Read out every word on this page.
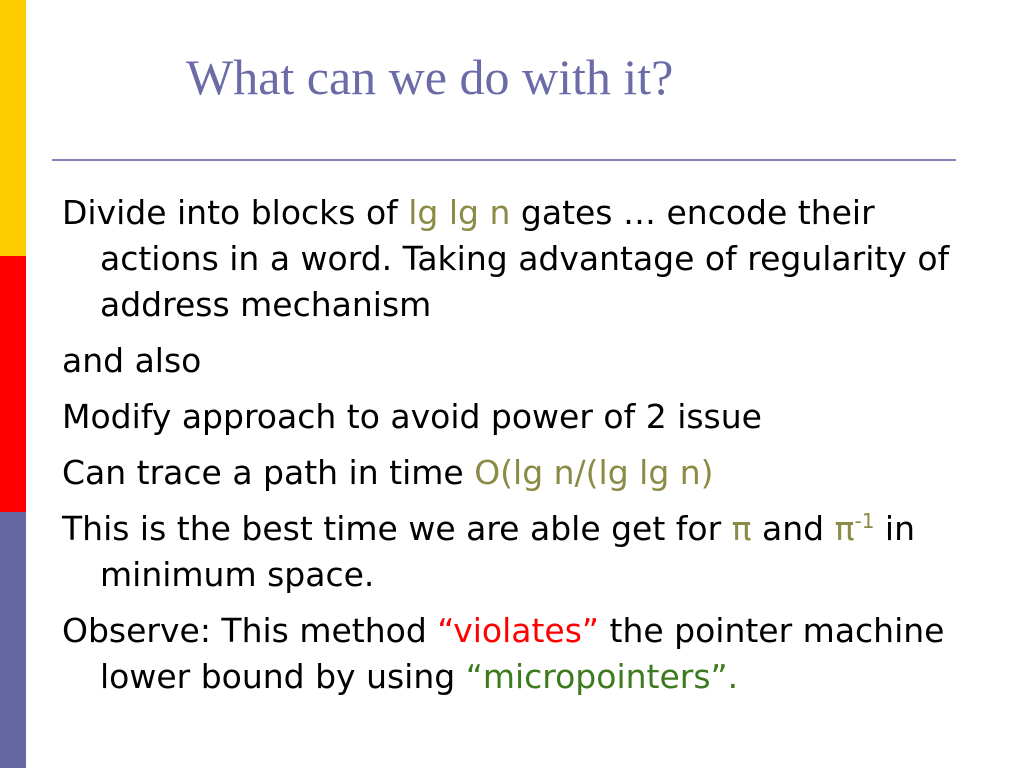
What can we do with it?

Divide into blocks of lg lg n gates … encode their actions in a word. Taking advantage of regularity of address mechanism

and also

Modify approach to avoid power of 2 issue

Can trace a path in time O(lg n/(lg lg n)

This is the best time we are able get for π and $\pi^{-1}$ in minimum space.

Observe: This method “violates” the pointer machine lower bound by using “micropointers”.
